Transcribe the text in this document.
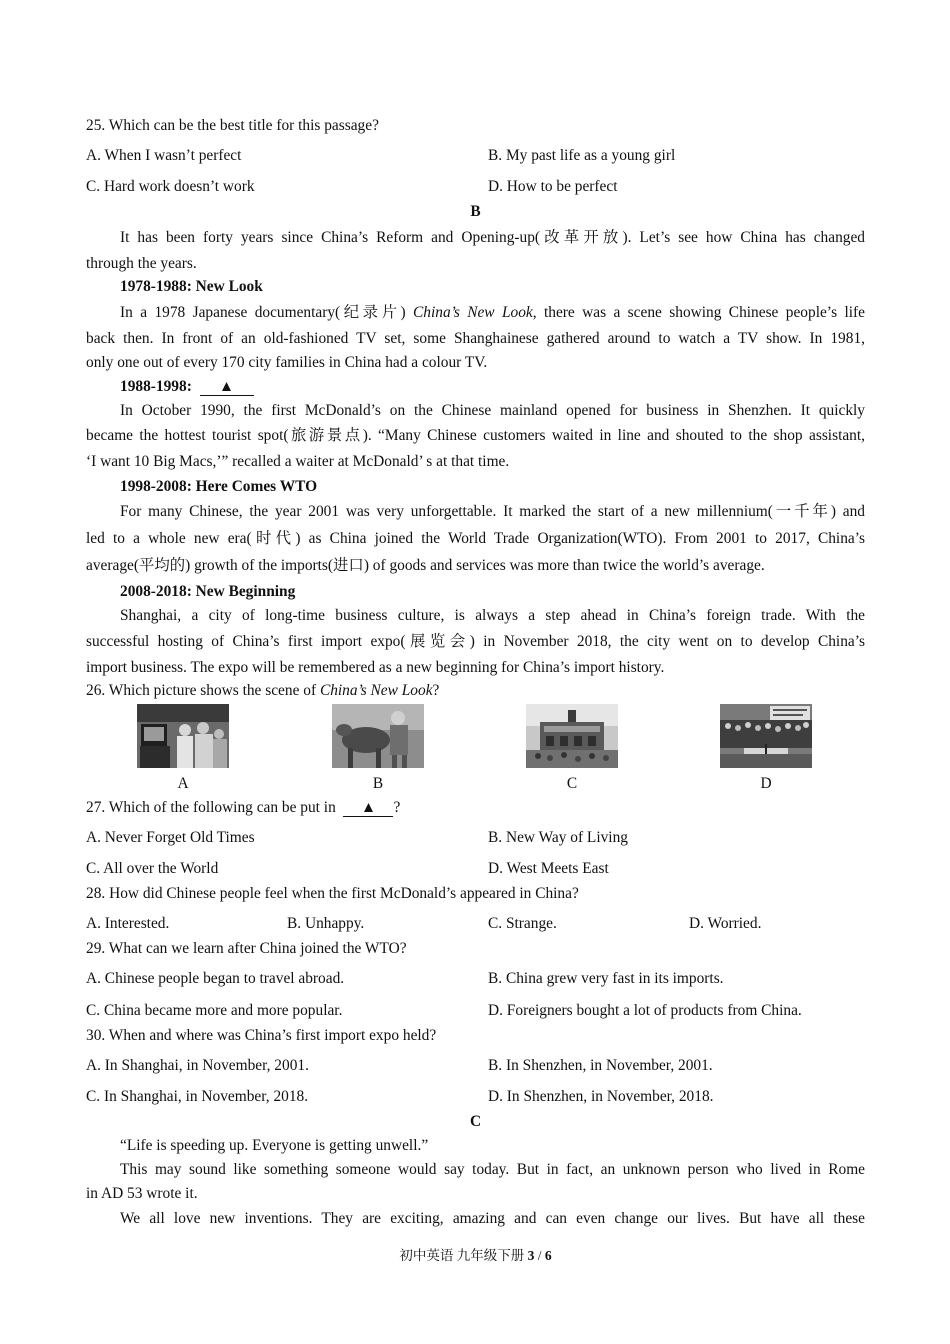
25. Which can be the best title for this passage?
A. When I wasn’t perfect	B. My past life as a young girl
C. Hard work doesn’t work	D. How to be perfect
B
It has been forty years since China’s Reform and Opening-up(改革开放). Let’s see how China has changed
through the years.
1978-1988: New Look
In a 1978 Japanese documentary(纪录片) China’s New Look, there was a scene showing Chinese people’s life
back then. In front of an old-fashioned TV set, some Shanghainese gathered around to watch a TV show. In 1981,
only one out of every 170 city families in China had a colour TV.
1988-1998: ▲
In October 1990, the first McDonald’s on the Chinese mainland opened for business in Shenzhen. It quickly
became the hottest tourist spot(旅游景点). “Many Chinese customers waited in line and shouted to the shop assistant,
‘I want 10 Big Macs,’” recalled a waiter at McDonald’ s at that time.
1998-2008: Here Comes WTO
For many Chinese, the year 2001 was very unforgettable. It marked the start of a new millennium(一千年) and
led to a whole new era(时代) as China joined the World Trade Organization(WTO). From 2001 to 2017, China’s
average(平均的) growth of the imports(进口) of goods and services was more than twice the world’s average.
2008-2018: New Beginning
Shanghai, a city of long-time business culture, is always a step ahead in China’s foreign trade. With the
successful hosting of China’s first import expo(展览会) in November 2018, the city went on to develop China’s
import business. The expo will be remembered as a new beginning for China’s import history.
26. Which picture shows the scene of China’s New Look?
A	B	C	D
27. Which of the following can be put in  ▲ ?
A. Never Forget Old Times	B. New Way of Living
C. All over the World	D. West Meets East
28. How did Chinese people feel when the first McDonald’s appeared in China?
A. Interested.	B. Unhappy.	C. Strange.	D. Worried.
29. What can we learn after China joined the WTO?
A. Chinese people began to travel abroad.	B. China grew very fast in its imports.
C. China became more and more popular.	D. Foreigners bought a lot of products from China.
30. When and where was China’s first import expo held?
A. In Shanghai, in November, 2001.	B. In Shenzhen, in November, 2001.
C. In Shanghai, in November, 2018.	D. In Shenzhen, in November, 2018.
C
“Life is speeding up. Everyone is getting unwell.”
This may sound like something someone would say today. But in fact, an unknown person who lived in Rome
in AD 53 wrote it.
We all love new inventions. They are exciting, amazing and can even change our lives. But have all these
初中英语 九年级下册 3 / 6
